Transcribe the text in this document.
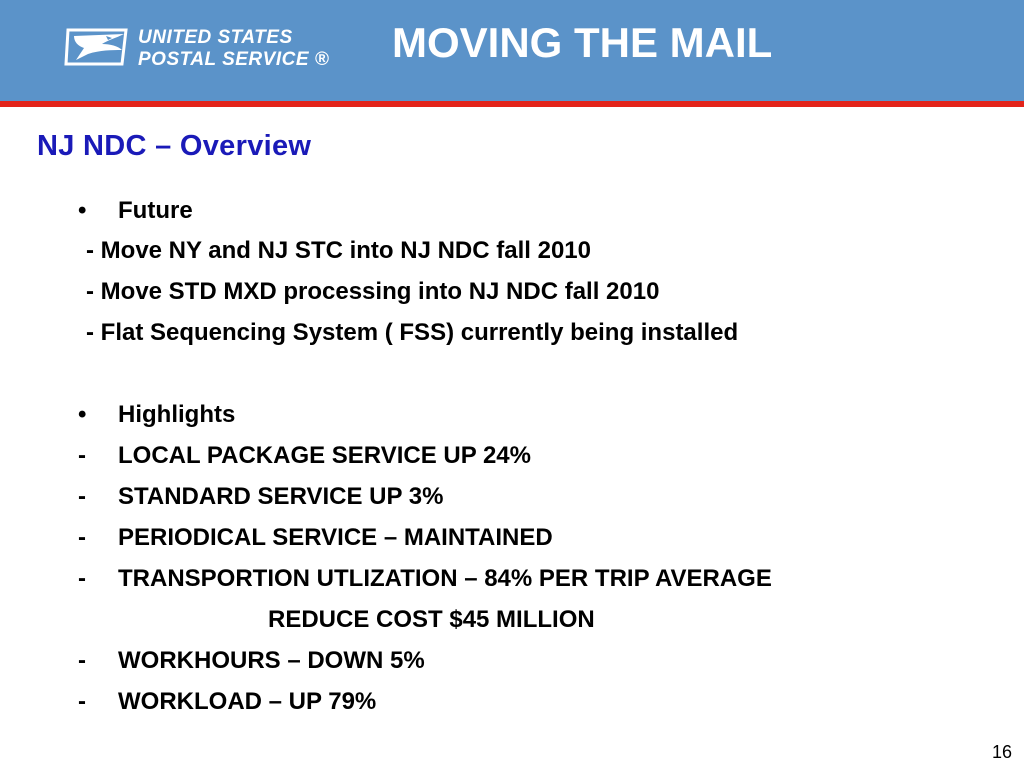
UNITED STATES
POSTAL SERVICE ® MOVING THE MAIL
NJ NDC – Overview
• Future
- Move NY and NJ STC into NJ NDC fall 2010
- Move STD MXD processing into NJ NDC fall 2010
- Flat Sequencing System ( FSS) currently being installed
• Highlights
- LOCAL PACKAGE SERVICE UP 24%
- STANDARD SERVICE UP 3%
- PERIODICAL SERVICE – MAINTAINED
- TRANSPORTION UTLIZATION – 84% PER TRIP AVERAGE
REDUCE COST $45 MILLION
- WORKHOURS – DOWN 5%
- WORKLOAD – UP 79%
16
